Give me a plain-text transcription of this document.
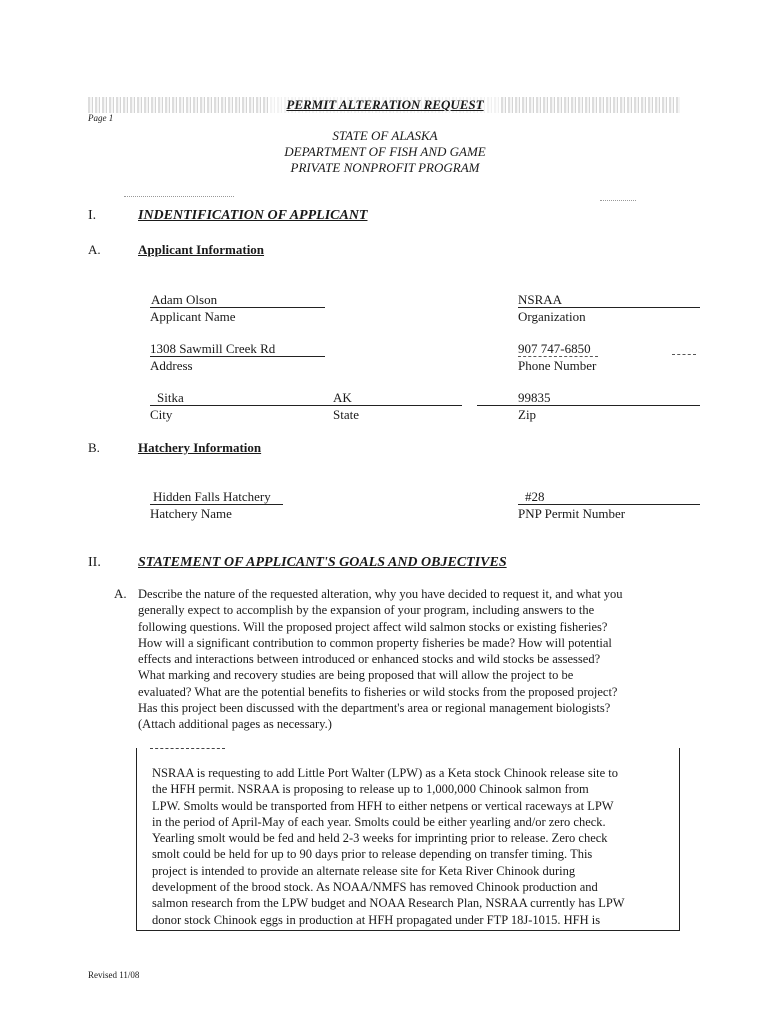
PERMIT ALTERATION REQUEST
Page 1
STATE OF ALASKA
DEPARTMENT OF FISH AND GAME
PRIVATE NONPROFIT PROGRAM
I.	INDENTIFICATION OF APPLICANT
A.	Applicant Information
Adam Olson
Applicant Name
NSRAA
Organization
1308 Sawmill Creek Rd
Address
907 747-6850
Phone Number
Sitka
City
AK
State
99835
Zip
B.	Hatchery Information
Hidden Falls Hatchery
Hatchery Name
#28
PNP Permit Number
II.	STATEMENT OF APPLICANT'S GOALS AND OBJECTIVES
A. Describe the nature of the requested alteration, why you have decided to request it, and what you
generally expect to accomplish by the expansion of your program, including answers to the
following questions. Will the proposed project affect wild salmon stocks or existing fisheries?
How will a significant contribution to common property fisheries be made? How will potential
effects and interactions between introduced or enhanced stocks and wild stocks be assessed?
What marking and recovery studies are being proposed that will allow the project to be
evaluated? What are the potential benefits to fisheries or wild stocks from the proposed project?
Has this project been discussed with the department's area or regional management biologists?
(Attach additional pages as necessary.)
NSRAA is requesting to add Little Port Walter (LPW) as a Keta stock Chinook release site to
the HFH permit. NSRAA is proposing to release up to 1,000,000 Chinook salmon from
LPW. Smolts would be transported from HFH to either netpens or vertical raceways at LPW
in the period of April-May of each year. Smolts could be either yearling and/or zero check.
Yearling smolt would be fed and held 2-3 weeks for imprinting prior to release. Zero check
smolt could be held for up to 90 days prior to release depending on transfer timing. This
project is intended to provide an alternate release site for Keta River Chinook during
development of the brood stock. As NOAA/NMFS has removed Chinook production and
salmon research from the LPW budget and NOAA Research Plan, NSRAA currently has LPW
donor stock Chinook eggs in production at HFH propagated under FTP 18J-1015. HFH is
Revised 11/08
